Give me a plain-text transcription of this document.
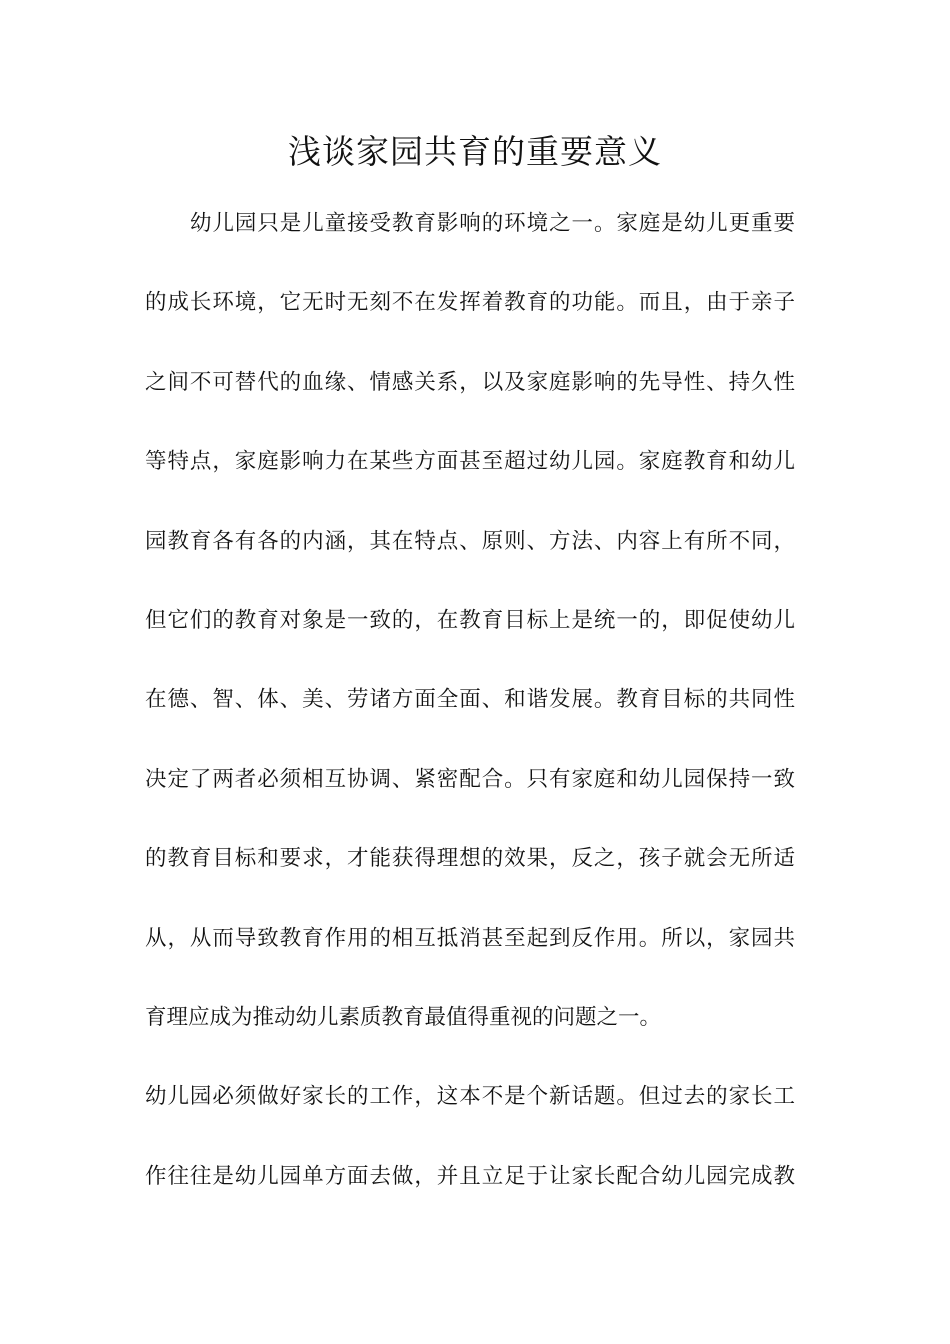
浅谈家园共育的重要意义
幼儿园只是儿童接受教育影响的环境之一。家庭是幼儿更重要
的成长环境，它无时无刻不在发挥着教育的功能。而且，由于亲子
之间不可替代的血缘、情感关系，以及家庭影响的先导性、持久性
等特点，家庭影响力在某些方面甚至超过幼儿园。家庭教育和幼儿
园教育各有各的内涵，其在特点、原则、方法、内容上有所不同，
但它们的教育对象是一致的，在教育目标上是统一的，即促使幼儿
在德、智、体、美、劳诸方面全面、和谐发展。教育目标的共同性
决定了两者必须相互协调、紧密配合。只有家庭和幼儿园保持一致
的教育目标和要求，才能获得理想的效果，反之，孩子就会无所适
从，从而导致教育作用的相互抵消甚至起到反作用。所以，家园共
育理应成为推动幼儿素质教育最值得重视的问题之一。
幼儿园必须做好家长的工作，这本不是个新话题。但过去的家长工
作往往是幼儿园单方面去做，并且立足于让家长配合幼儿园完成教
